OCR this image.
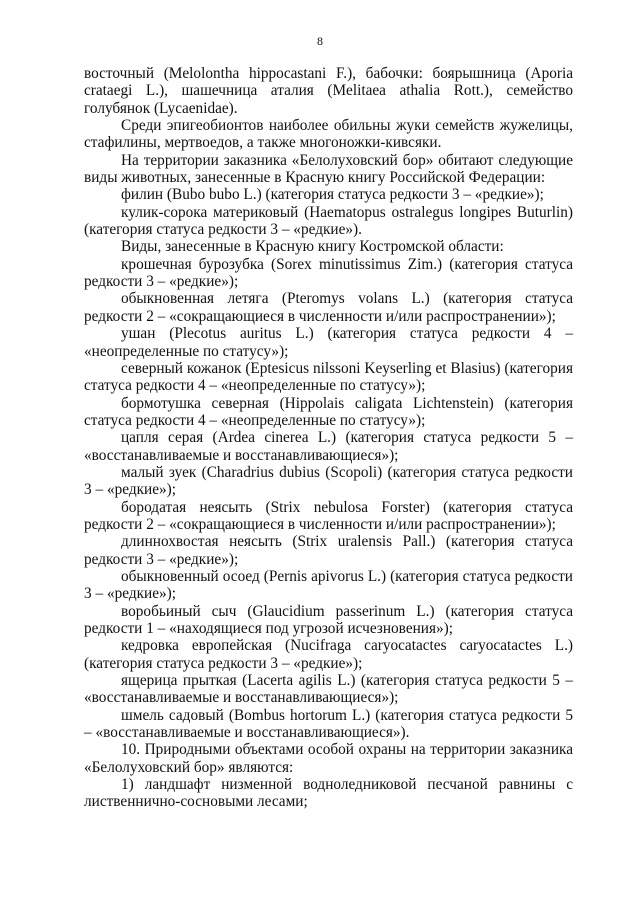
8

восточный (Melolontha hippocastani F.), бабочки: боярышница (Aporia crataegi L.), шашечница аталия (Melitaea athalia Rott.), семейство голубянок (Lycaenidae).

Среди эпигеобионтов наиболее обильны жуки семейств жужелицы, стафилины, мертвоедов, а также многоножки-кивсяки.

На территории заказника «Белолуховский бор» обитают следующие виды животных, занесенные в Красную книгу Российской Федерации:

филин (Bubo bubo L.) (категория статуса редкости 3 – «редкие»);

кулик-сорока материковый (Haematopus ostralegus longipes Buturlin) (категория статуса редкости 3 – «редкие»).

Виды, занесенные в Красную книгу Костромской области:

крошечная бурозубка (Sorex minutissimus Zim.) (категория статуса редкости 3 – «редкие»);

обыкновенная летяга (Pteromys volans L.) (категория статуса редкости 2 – «сокращающиеся в численности и/или распространении»);

ушан (Plecotus auritus L.) (категория статуса редкости 4 – «неопределенные по статусу»);

северный кожанок (Eptesicus nilssoni Keyserling et Blasius) (категория статуса редкости 4 – «неопределенные по статусу»);

бормотушка северная (Hippolais caligata Lichtenstein) (категория статуса редкости 4 – «неопределенные по статусу»);

цапля серая (Ardea cinerea L.) (категория статуса редкости 5 – «восстанавливаемые и восстанавливающиеся»);

малый зуек (Charadrius dubius (Scopoli) (категория статуса редкости 3 – «редкие»);

бородатая неясыть (Strix nebulosa Forster) (категория статуса редкости 2 – «сокращающиеся в численности и/или распространении»);

длиннохвостая неясыть (Strix uralensis Pall.) (категория статуса редкости 3 – «редкие»);

обыкновенный осоед (Pernis apivorus L.) (категория статуса редкости 3 – «редкие»);

воробьиный сыч (Glaucidium passerinum L.) (категория статуса редкости 1 – «находящиеся под угрозой исчезновения»);

кедровка европейская (Nucifraga caryocatactes caryocatactes L.) (категория статуса редкости 3 – «редкие»);

ящерица прыткая (Lacerta agilis L.) (категория статуса редкости 5 – «восстанавливаемые и восстанавливающиеся»);

шмель садовый (Bombus hortorum L.) (категория статуса редкости 5 – «восстанавливаемые и восстанавливающиеся»).

10. Природными объектами особой охраны на территории заказника «Белолуховский бор» являются:

1) ландшафт низменной водноледниковой песчаной равнины с лиственнично-сосновыми лесами;
